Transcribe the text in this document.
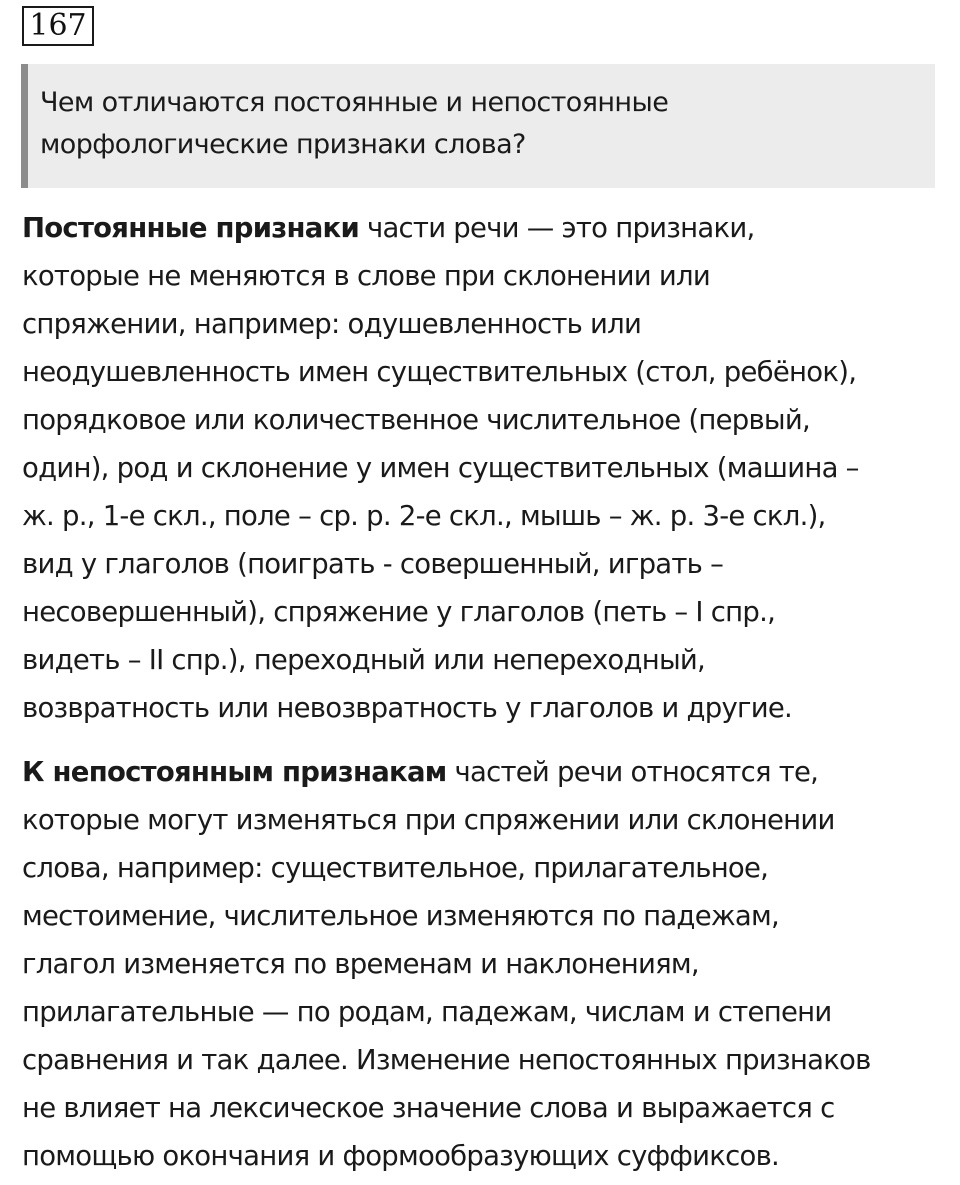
167

Чем отличаются постоянные и непостоянные
морфологические признаки слова?

Постоянные признаки части речи — это признаки,
которые не меняются в слове при склонении или
спряжении, например: одушевленность или
неодушевленность имен существительных (стол, ребёнок),
порядковое или количественное числительное (первый,
один), род и склонение у имен существительных (машина –
ж. р., 1-е скл., поле – ср. р. 2-е скл., мышь – ж. р. 3-е скл.),
вид у глаголов (поиграть - совершенный, играть –
несовершенный), спряжение у глаголов (петь – I спр.,
видеть – II спр.), переходный или непереходный,
возвратность или невозвратность у глаголов и другие.

К непостоянным признакам частей речи относятся те,
которые могут изменяться при спряжении или склонении
слова, например: существительное, прилагательное,
местоимение, числительное изменяются по падежам,
глагол изменяется по временам и наклонениям,
прилагательные — по родам, падежам, числам и степени
сравнения и так далее. Изменение непостоянных признаков
не влияет на лексическое значение слова и выражается с
помощью окончания и формообразующих суффиксов.
